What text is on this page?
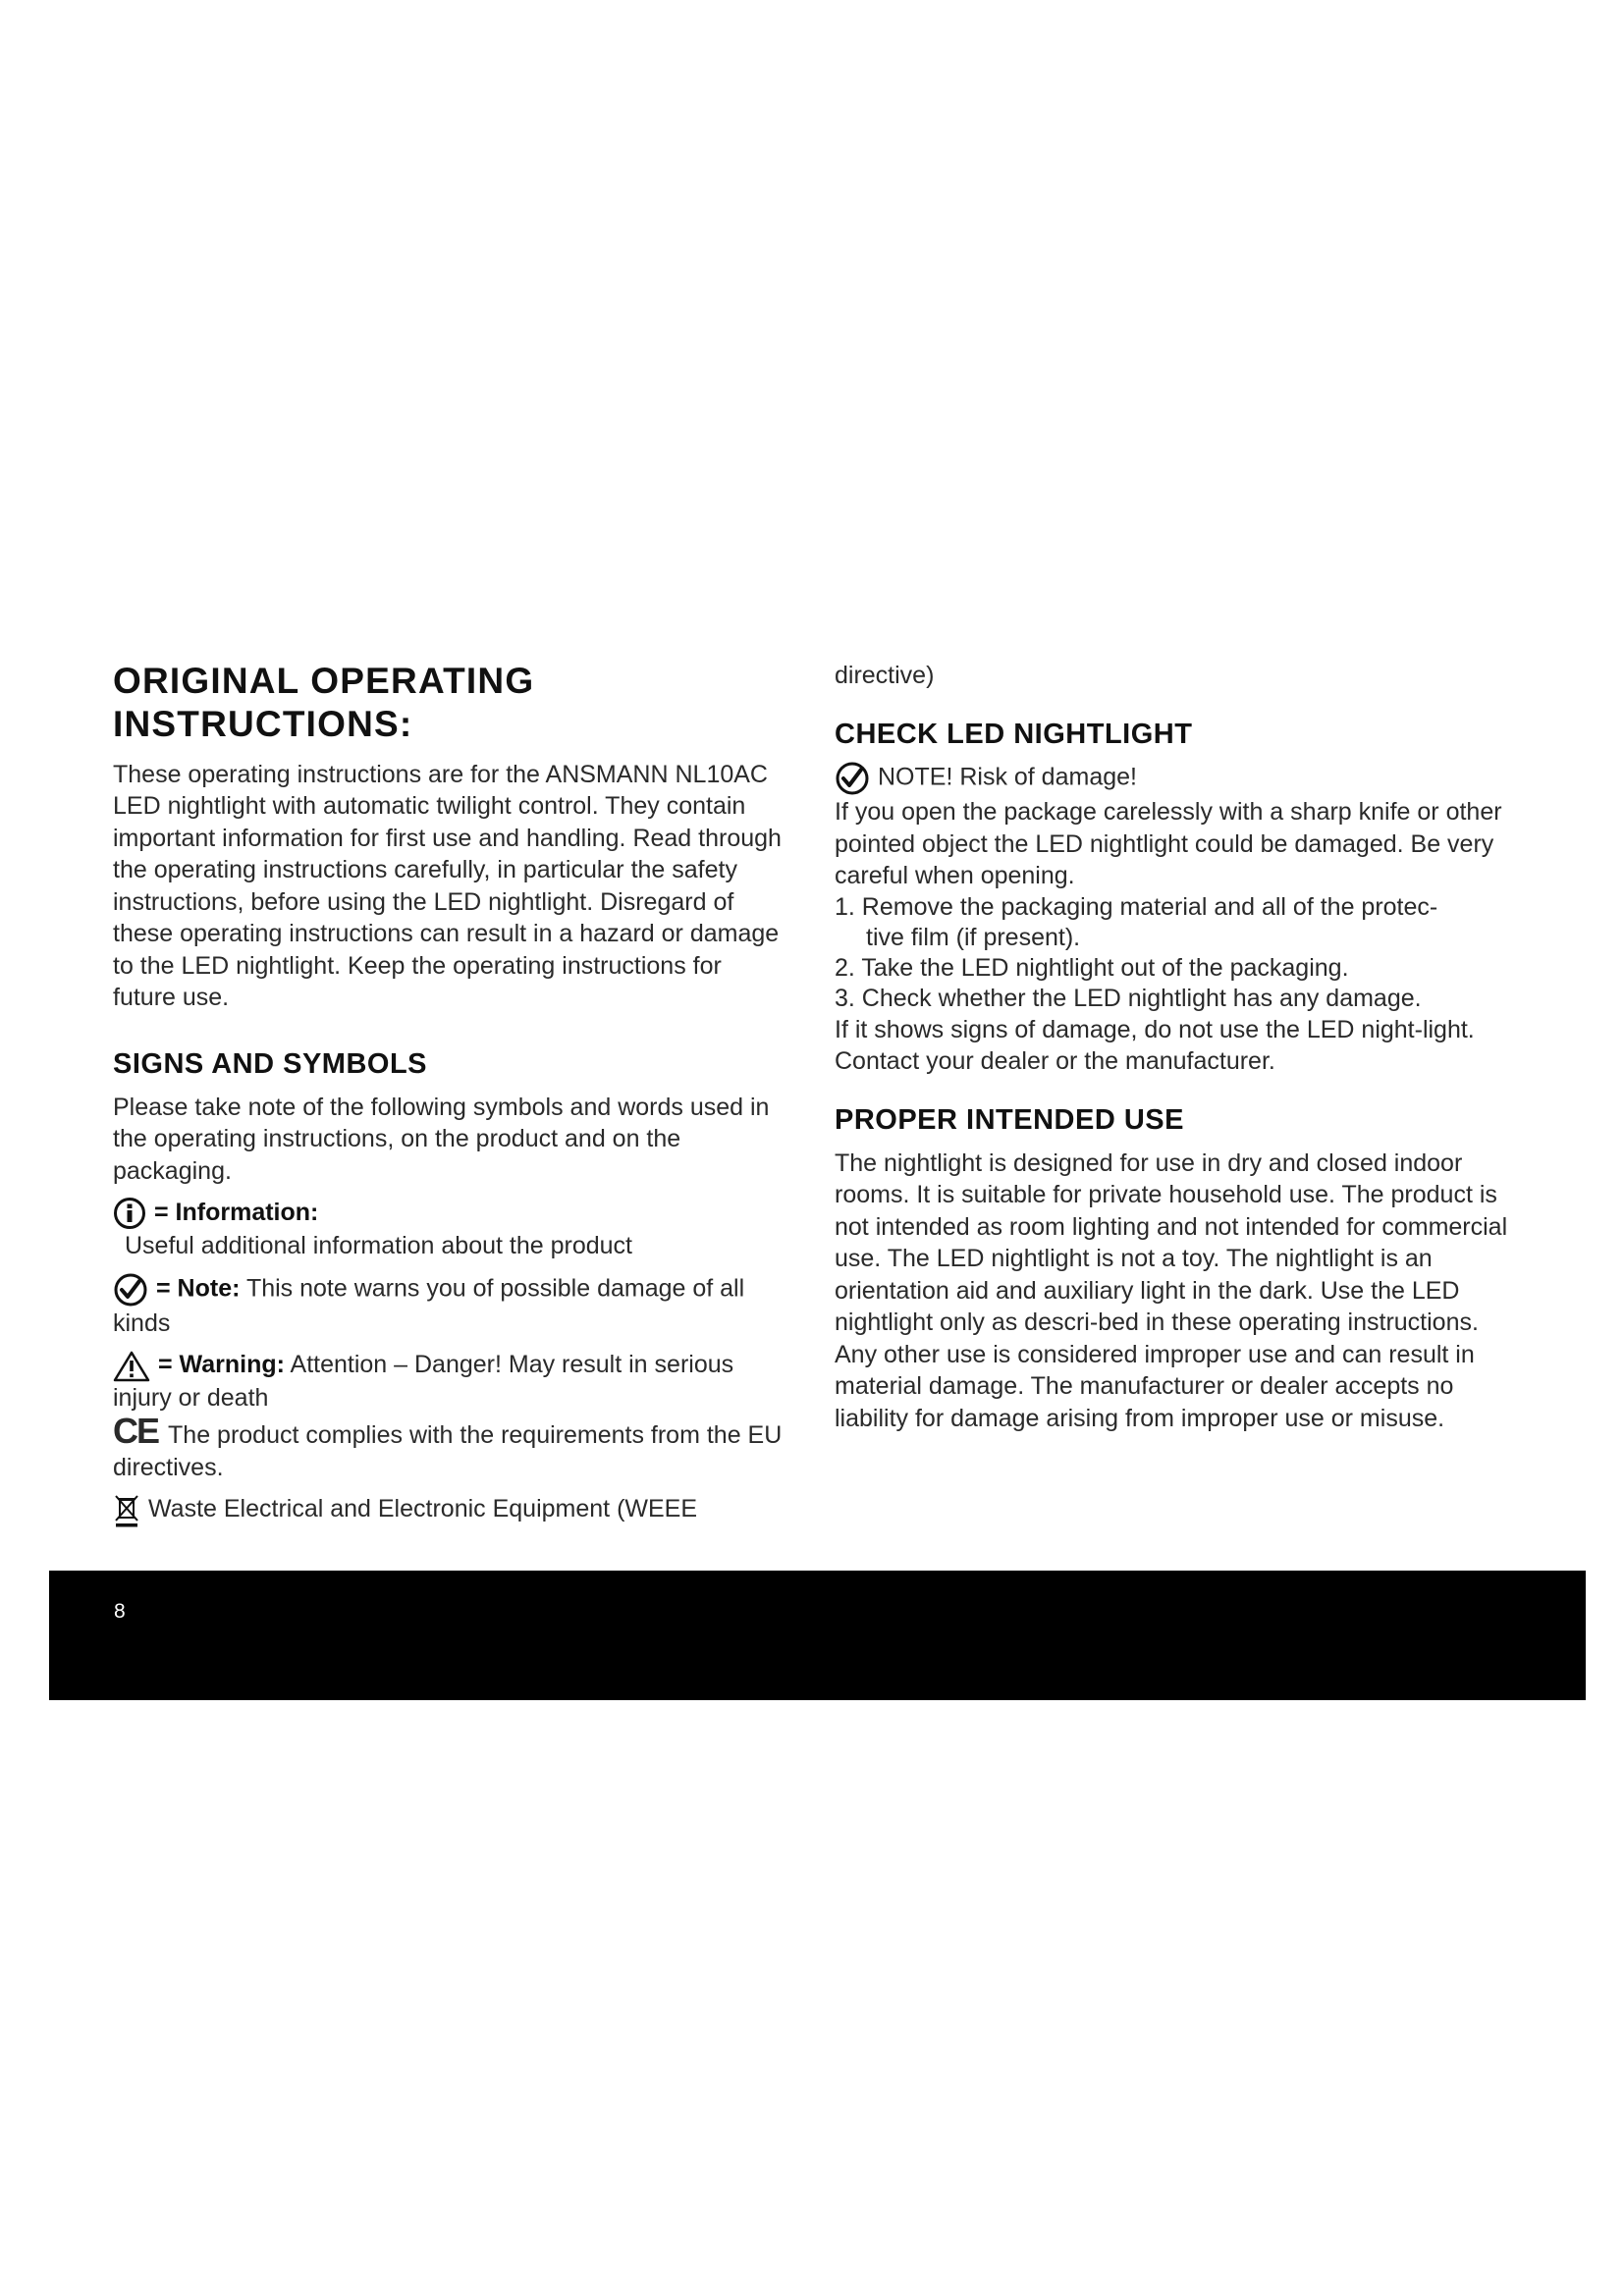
ORIGINAL OPERATING INSTRUCTIONS:

These operating instructions are for the ANSMANN NL10AC LED nightlight with automatic twilight control. They contain important information for first use and handling. Read through the operating instructions carefully, in particular the safety instructions, before using the LED nightlight. Disregard of these operating instructions can result in a hazard or damage to the LED nightlight. Keep the operating instructions for future use.

SIGNS AND SYMBOLS

Please take note of the following symbols and words used in the operating instructions, on the product and on the packaging.

= Information:
Useful additional information about the product
= Note: This note warns you of possible damage of all kinds
= Warning: Attention – Danger! May result in serious injury or death
CE The product complies with the requirements from the EU directives.
Waste Electrical and Electronic Equipment (WEEE

directive)

CHECK LED NIGHTLIGHT
NOTE! Risk of damage!

If you open the package carelessly with a sharp knife or other pointed object the LED nightlight could be damaged. Be very careful when opening.

1. Remove the packaging material and all of the protec-
tive film (if present).
2. Take the LED nightlight out of the packaging.
3. Check whether the LED nightlight has any damage.

If it shows signs of damage, do not use the LED night-light. Contact your dealer or the manufacturer.

PROPER INTENDED USE

The nightlight is designed for use in dry and closed indoor rooms. It is suitable for private household use. The product is not intended as room lighting and not intended for commercial use. The LED nightlight is not a toy. The nightlight is an orientation aid and auxiliary light in the dark. Use the LED nightlight only as descri-bed in these operating instructions. Any other use is considered improper use and can result in material damage. The manufacturer or dealer accepts no liability for damage arising from improper use or misuse.

8
